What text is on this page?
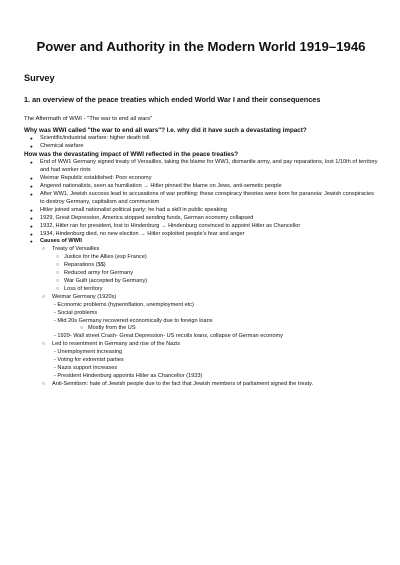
Power and Authority in the Modern World 1919–1946
Survey
1. an overview of the peace treaties which ended World War I and their consequences
The Aftermath of WWI - "The war to end all wars"

Why was WWI called "the war to end all wars"? I.e. why did it have such a devastating impact?

● Scientific/industrial warfare: higher death toll
● Chemical warfare

How was the devastating impact of WWI reflected in the peace treaties?

● End of WW1 Germany signed treaty of Versailles, taking the blame for WW1, dismantle army, and pay reparations, lost 1/10th of territory and had worker riots
● Weimar Republic established: Poor economy
● Angered nationalists, seen as humiliation → Hitler pinned the blame on Jews, anti-semetic people
● After WW1, Jewish success lead to accusations of war profiting: these conspiracy theories were born for paranoia: Jewish conspiracies to destroy Germany, capitalism and communism
● Hitler joined small nationalist political party; he had a skill in public speaking
● 1929, Great Depression, America stopped sending funds, German economy collapsed
● 1932, Hitler ran for president, lost to Hindenburg → Hindenburg convinced to appoint Hitler as Chancellor
● 1934, Hindenburg died, no new election → Hitler exploited people's fear and anger
● Causes of WWII
○ Treaty of Versailles
○ Justice for the Allies (esp France)
○ Reparations ($$)
○ Reduced army for Germany
○ War Guilt (accepted by Germany)
○ Loss of territory
○ Weimar Germany (1920s)
- Economic problems (hyperinflation, unemployment etc)
- Social problems
- Mid 20s Germany recovered economically due to foreign loans
○ Mostly from the US
- 1929- Wall street Crash- Great Depression- US recoils loans, collapse of German economy
○ Led to resentment in Germany and rise of the Nazis
- Unemployment increasing
- Voting for extremist parties
- Nazis support increases
- President Hindenburg appoints Hitler as Chancellor (1933)
○ Anti-Semitism: hate of Jewish people due to the fact that Jewish members of parliament signed the treaty.
